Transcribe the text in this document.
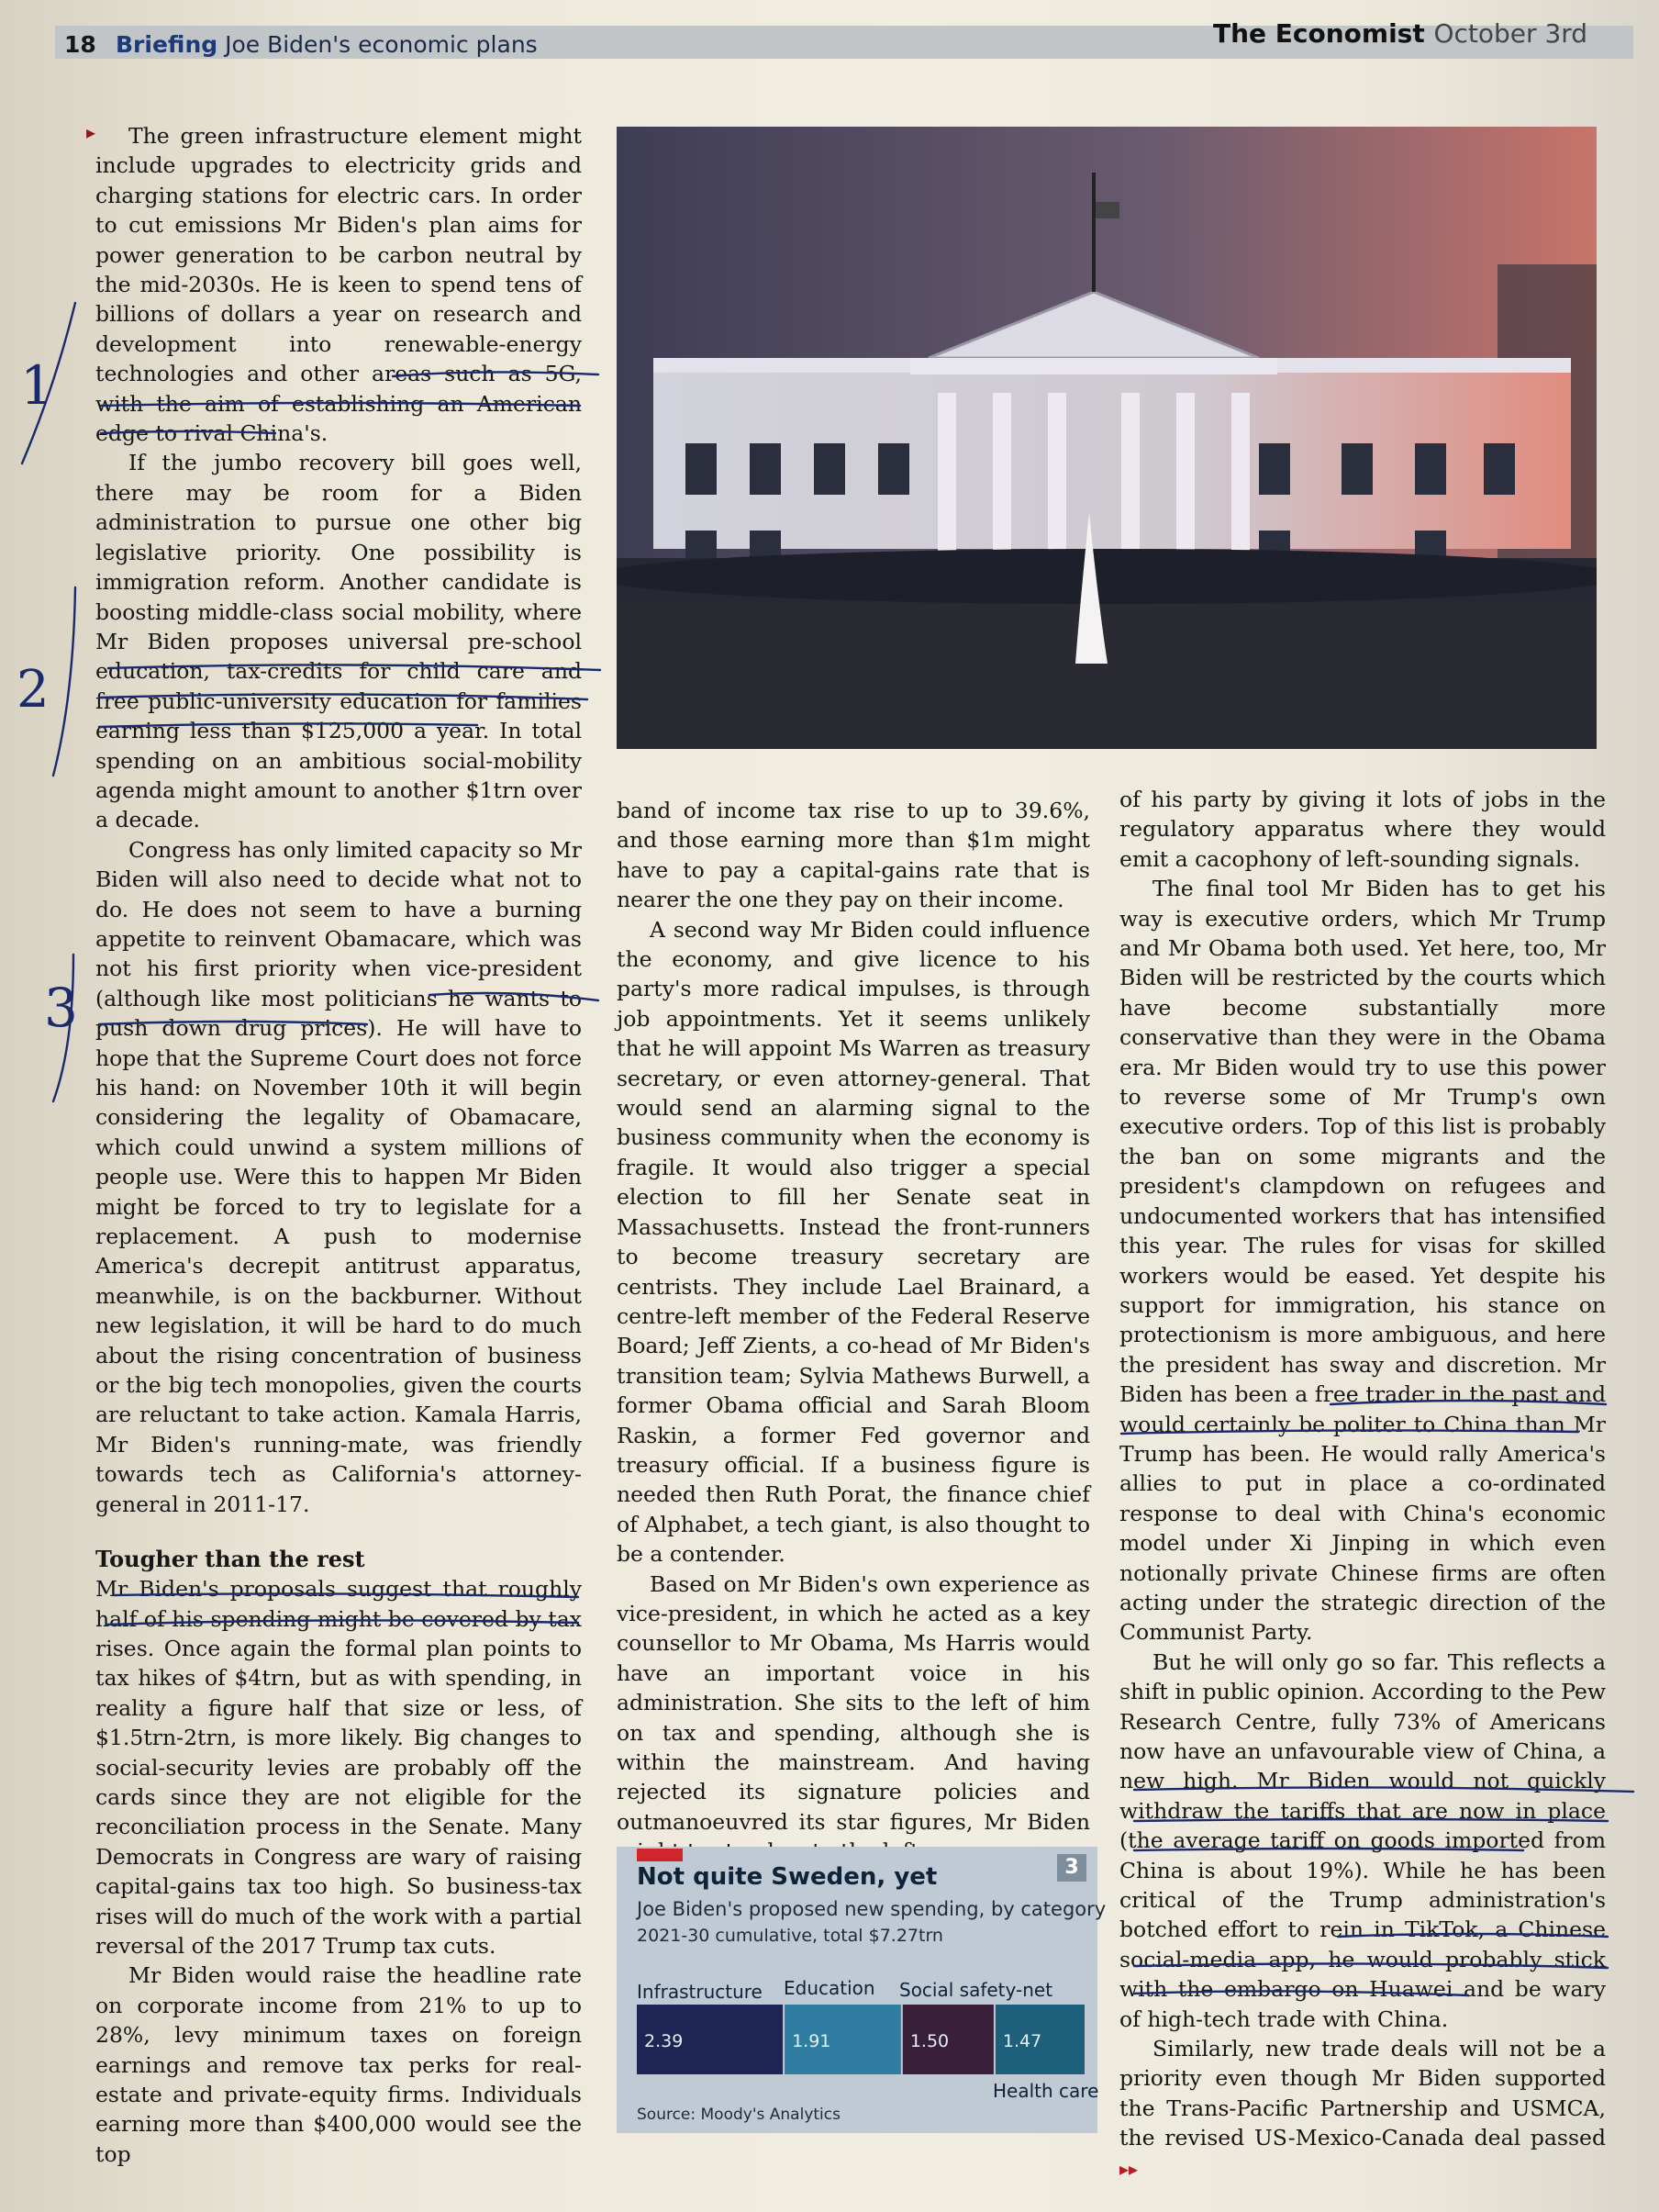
18 Briefing Joe Biden's economic plans	The Economist October 3rd
▸	The green infrastructure element might include upgrades to electricity grids and charging stations for electric cars. In order to cut emissions Mr Biden's plan aims for power generation to be carbon neutral by the mid-2030s. He is keen to spend tens of billions of dollars a year on research and development into renewable-energy technologies and other areas such as 5G, with the aim of establishing an American edge to rival China's.

If the jumbo recovery bill goes well, there may be room for a Biden administration to pursue one other big legislative priority. One possibility is immigration reform. Another candidate is boosting middle-class social mobility, where Mr Biden proposes universal pre-school education, tax-credits for child care and free public-university education for families earning less than $125,000 a year. In total spending on an ambitious social-mobility agenda might amount to another $1trn over a decade.

Congress has only limited capacity so Mr Biden will also need to decide what not to do. He does not seem to have a burning appetite to reinvent Obamacare, which was not his first priority when vice-president (although like most politicians he wants to push down drug prices). He will have to hope that the Supreme Court does not force his hand: on November 10th it will begin considering the legality of Obamacare, which could unwind a system millions of people use. Were this to happen Mr Biden might be forced to try to legislate for a replacement. A push to modernise America's decrepit antitrust apparatus, meanwhile, is on the backburner. Without new legislation, it will be hard to do much about the rising concentration of business or the big tech monopolies, given the courts are reluctant to take action. Kamala Harris, Mr Biden's running-mate, was friendly towards tech as California's attorney-general in 2011-17.

Tougher than the rest

Mr Biden's proposals suggest that roughly half of his spending might be covered by tax rises. Once again the formal plan points to tax hikes of $4trn, but as with spending, in reality a figure half that size or less, of $1.5trn-2trn, is more likely. Big changes to social-security levies are probably off the cards since they are not eligible for the reconciliation process in the Senate. Many Democrats in Congress are wary of raising capital-gains tax too high. So business-tax rises will do much of the work with a partial reversal of the 2017 Trump tax cuts.

Mr Biden would raise the headline rate on corporate income from 21% to up to 28%, levy minimum taxes on foreign earnings and remove tax perks for real-estate and private-equity firms. Individuals earning more than $400,000 would see the top

band of income tax rise to up to 39.6%, and those earning more than $1m might have to pay a capital-gains rate that is nearer the one they pay on their income.

A second way Mr Biden could influence the economy, and give licence to his party's more radical impulses, is through job appointments. Yet it seems unlikely that he will appoint Ms Warren as treasury secretary, or even attorney-general. That would send an alarming signal to the business community when the economy is fragile. It would also trigger a special election to fill her Senate seat in Massachusetts. Instead the front-runners to become treasury secretary are centrists. They include Lael Brainard, a centre-left member of the Federal Reserve Board; Jeff Zients, a co-head of Mr Biden's transition team; Sylvia Mathews Burwell, a former Obama official and Sarah Bloom Raskin, a former Fed governor and treasury official. If a business figure is needed then Ruth Porat, the finance chief of Alphabet, a tech giant, is also thought to be a contender.

Based on Mr Biden's own experience as vice-president, in which he acted as a key counsellor to Mr Obama, Ms Harris would have an important voice in his administration. She sits to the left of him on tax and spending, although she is within the mainstream. And having rejected its signature policies and outmanoeuvred its star figures, Mr Biden

of his party by giving it lots of jobs in the regulatory apparatus where they would emit a cacophony of left-sounding signals.

The final tool Mr Biden has to get his way is executive orders, which Mr Trump and Mr Obama both used. Yet here, too, Mr Biden will be restricted by the courts which have become substantially more conservative than they were in the Obama era. Mr Biden would try to use this power to reverse some of Mr Trump's own executive orders. Top of this list is probably the ban on some migrants and the president's clampdown on refugees and undocumented workers that has intensified this year. The rules for visas for skilled workers would be eased. Yet despite his support for immigration, his stance on protectionism is more ambiguous, and here the president has sway and discretion. Mr Biden has been a free trader in the past and would certainly be politer to China than Mr Trump has been. He would rally America's allies to put in place a co-ordinated response to deal with China's economic model under Xi Jinping in which even notionally private Chinese firms are often acting under the strategic direction of the Communist Party.

But he will only go so far. This reflects a shift in public opinion. According to the Pew Research Centre, fully 73% of Americans now have an unfavourable view of China, a new high. Mr Biden would not quickly withdraw the tariffs that are now in place (the average tariff on goods imported from China is about 19%). While he has been critical of the Trump administration's botched effort to rein in TikTok, a Chinese social-media app, he would probably stick with the embargo on Huawei and be wary of high-tech trade with China.

Similarly, new trade deals will not be a priority even though Mr Biden supported the Trans-Pacific Partnership and USMCA, the revised US-Mexico-Canada deal passed ▸▸

3
Not quite Sweden, yet
Joe Biden's proposed new spending, by category
2021-30 cumulative, total $7.27trn
Infrastructure Education Social safety-net
Health care
2.39	1.91	1.50	1.47
Source: Moody's Analytics
1
2
3
